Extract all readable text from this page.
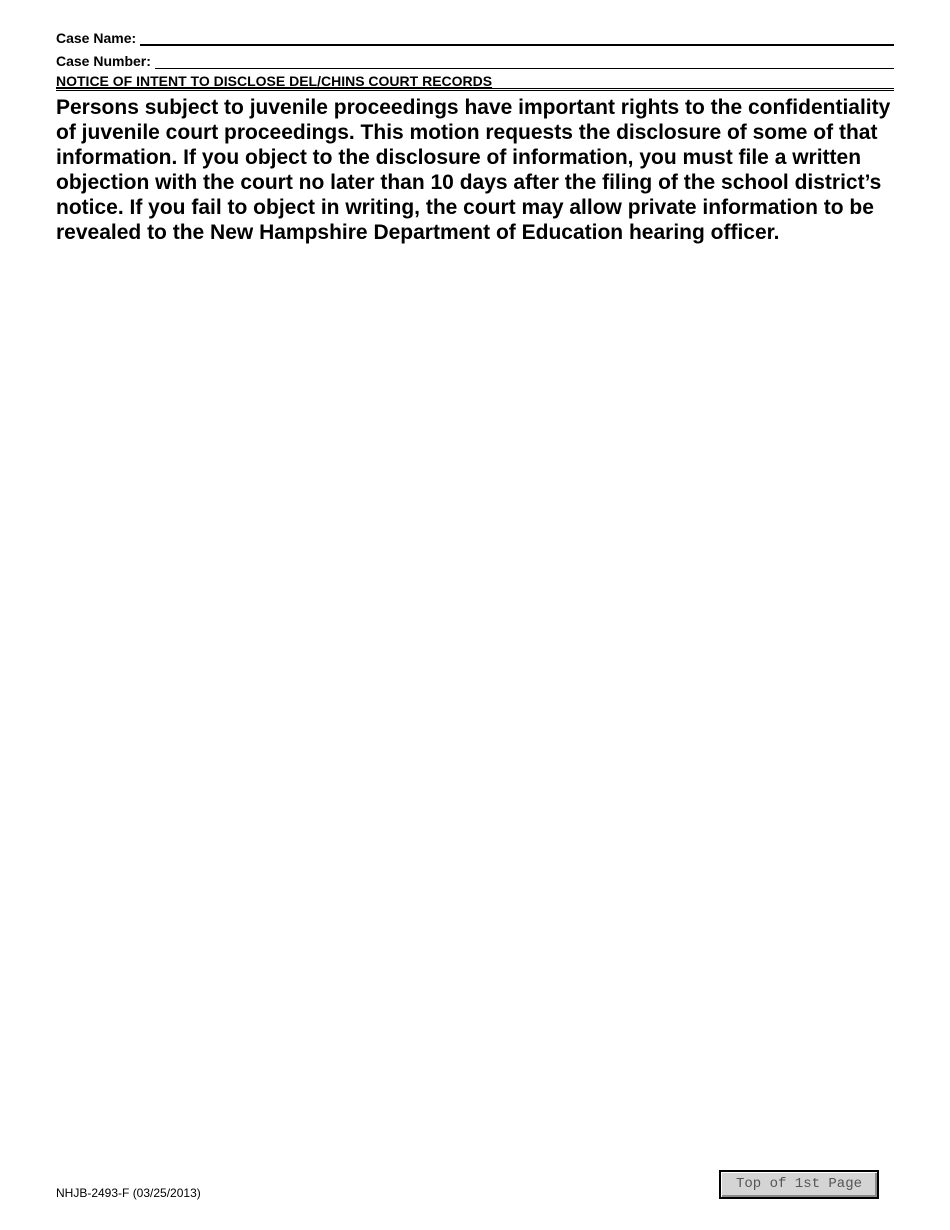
Case Name:
Case Number:
NOTICE OF INTENT TO DISCLOSE DEL/CHINS COURT RECORDS

Persons subject to juvenile proceedings have important rights to the confidentiality of juvenile court proceedings. This motion requests the disclosure of some of that information. If you object to the disclosure of information, you must file a written objection with the court no later than 10 days after the filing of the school district’s notice. If you fail to object in writing, the court may allow private information to be revealed to the New Hampshire Department of Education hearing officer.

NHJB-2493-F (03/25/2013)
Top of 1st Page
